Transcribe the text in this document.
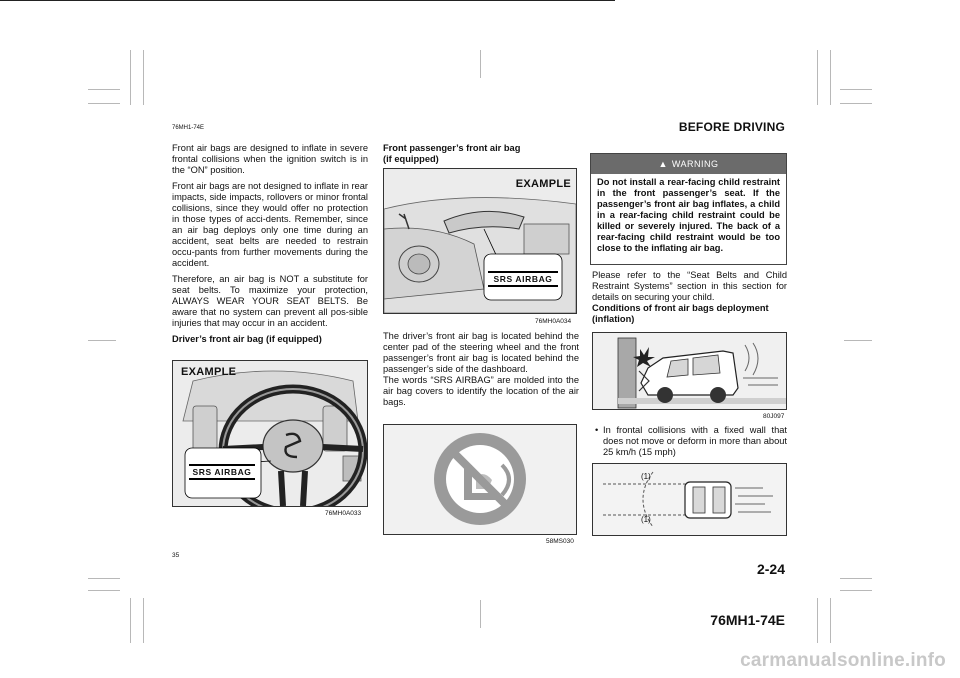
76MH1-74E	BEFORE DRIVING

Front air bags are designed to inflate in severe frontal collisions when the ignition switch is in the “ON” position.

Front air bags are not designed to inflate in rear impacts, side impacts, rollovers or minor frontal collisions, since they would offer no protection in those types of acci-dents. Remember, since an air bag deploys only one time during an accident, seat belts are needed to restrain occu-pants from further movements during the accident.

Therefore, an air bag is NOT a substitute for seat belts. To maximize your protection, ALWAYS WEAR YOUR SEAT BELTS. Be aware that no system can prevent all pos-sible injuries that may occur in an accident.

Driver’s front air bag (if equipped)
EXAMPLE
SRS AIRBAG
76MH0A033
Front passenger’s front air bag
(if equipped)
EXAMPLE
SRS AIRBAG
76MH0A034
The driver’s front air bag is located behind the center pad of the steering wheel and the front passenger’s front air bag is located behind the passenger’s side of the dashboard.
The words “SRS AIRBAG” are molded into the air bag covers to identify the location of the air bags.
58MS030
▲ WARNING
Do not install a rear-facing child restraint in the front passenger’s seat. If the passenger’s front air bag inflates, a child in a rear-facing child restraint could be killed or severely injured. The back of a rear-facing child restraint would be too close to the inflating air bag.
Please refer to the “Seat Belts and Child Restraint Systems” section in this section for details on securing your child.
Conditions of front air bags deployment (inflation)
80J097
• In frontal collisions with a fixed wall that does not move or deform in more than about 25 km/h (15 mph)
(1)
(1)
35
2-24
76MH1-74E
carmanualsonline.info
